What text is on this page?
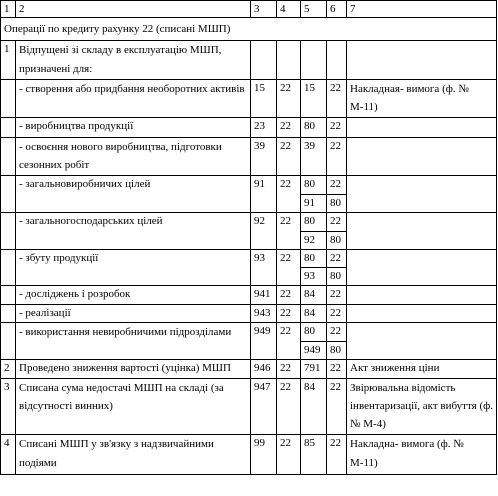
1	2	3	4	5	6	7
Операції по кредиту рахунку 22 (списані МШП)						
1	Відпущені зі складу в експлуатацію МШП, призначені для:					
	- створення або придбання необоротних активів	15	22	15	22	Накладная- вимога (ф. № М-11)
	- виробництва продукції	23	22	80	22	
	- освоєння нового виробництва, підготовки сезонних робіт	39	22	39	22	
	- загальновиробничих цілей	91	22	80	22	
				91	80	
	- загальногосподарських цілей	92	22	80	22	
				92	80	
	- збуту продукції	93	22	80	22	
				93	80	
	- досліджень і розробок	941	22	84	22	
	- реалізації	943	22	84	22	
	- використання невиробничими підрозділами	949	22	80	22	
				949	80	
2	Проведено зниження вартості (уцінка) МШП	946	22	791	22	Акт зниження ціни
3	Списана сума недостачі МШП на складі (за відсутності винних)	947	22	84	22	Звірювальна відомість інвентаризації, акт вибуття (ф. № М-4)
4	Списані МШП у зв'язку з надзвичайними подіями	99	22	85	22	Накладна- вимога (ф. № М-11)
